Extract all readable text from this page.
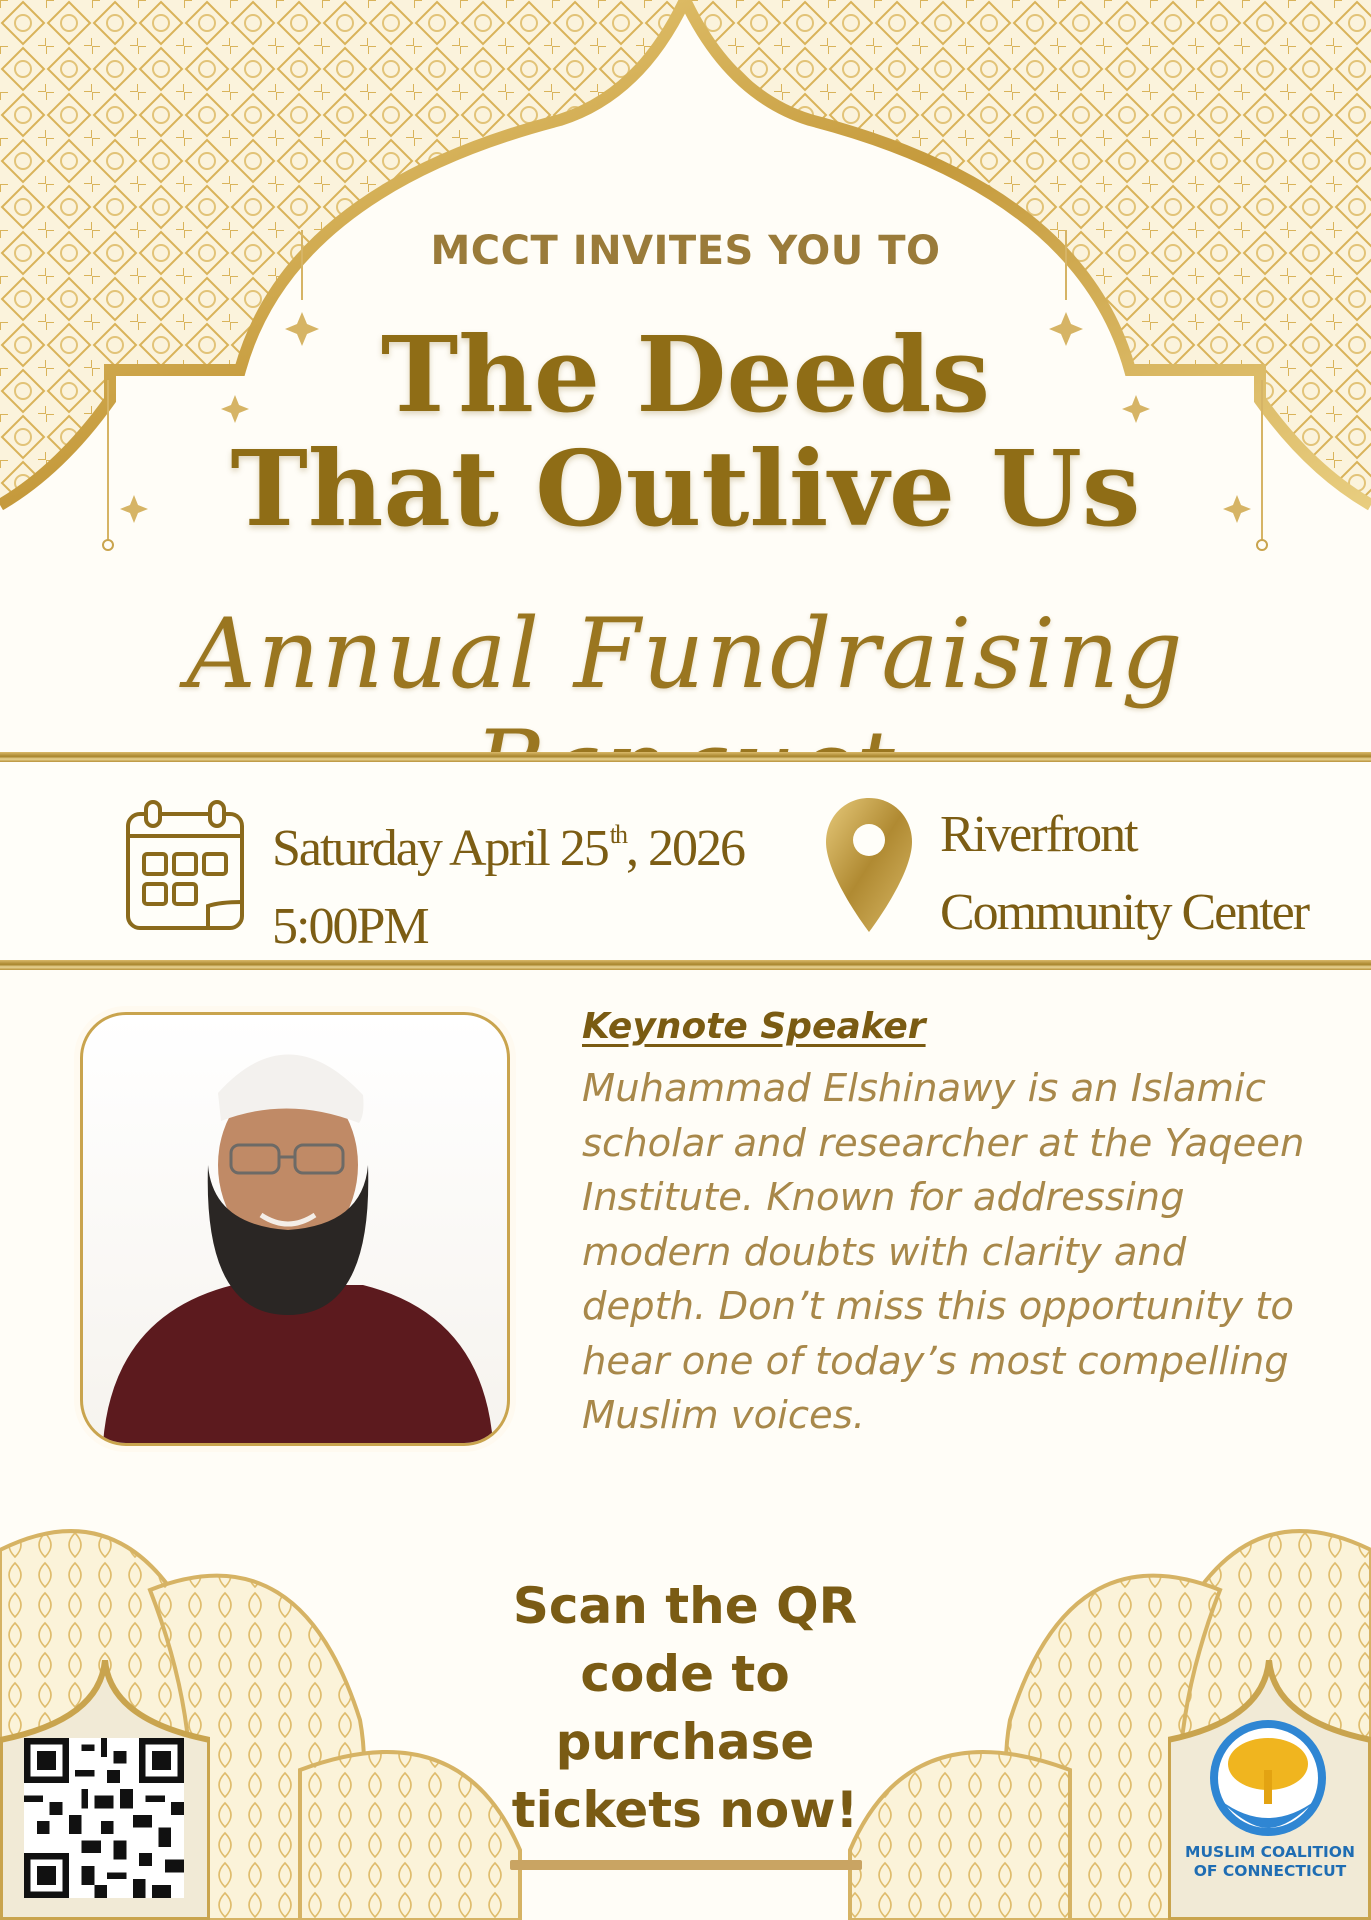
MCCT INVITES YOU TO
The Deeds
That Outlive Us
Annual Fundraising
Saturday April 25th, 2026
5:00PM
Riverfront
Community Center
Keynote Speaker
Muhammad Elshinawy is an Islamic scholar and researcher at the Yaqeen Institute. Known for addressing modern doubts with clarity and depth. Don’t miss this opportunity to hear one of today’s most compelling Muslim voices.
Scan the QR
code to
purchase
tickets now!
MUSLIM COALITION
OF CONNECTICUT
